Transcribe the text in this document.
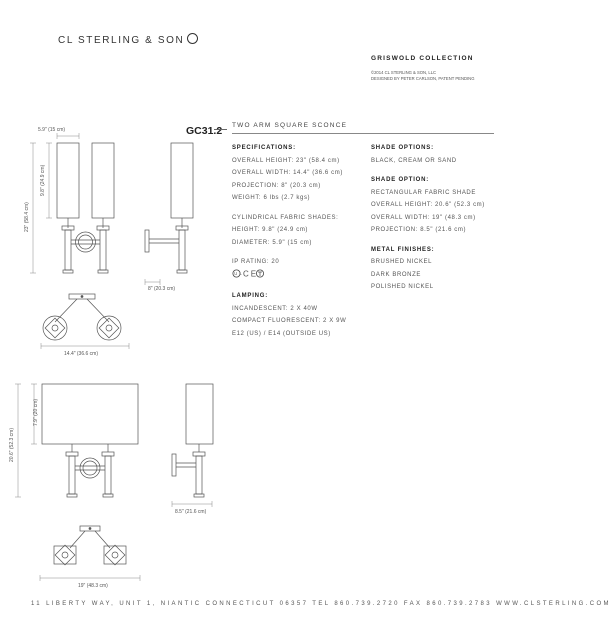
CL STERLING & SON
GRISWOLD COLLECTION
©2014 CL STERLING & SON, LLC
DESIGNED BY PETER CARLSON, PATENT PENDING
GC31.2 TWO ARM SQUARE SCONCE
SPECIFICATIONS:
OVERALL HEIGHT: 23" (58.4 cm)
OVERALL WIDTH: 14.4" (36.6 cm)
PROJECTION: 8" (20.3 cm)
WEIGHT: 6 lbs (2.7 kgs)
CYLINDRICAL FABRIC SHADES:
HEIGHT: 9.8" (24.9 cm)
DIAMETER: 5.9" (15 cm)
IP RATING: 20
UL CE
LAMPING:
INCANDESCENT: 2 X 40W
COMPACT FLUORESCENT: 2 X 9W
E12 (US) / E14 (OUTSIDE US)
SHADE OPTIONS:
BLACK, CREAM OR SAND
SHADE OPTION:
RECTANGULAR FABRIC SHADE
OVERALL HEIGHT: 20.6" (52.3 cm)
OVERALL WIDTH: 19" (48.3 cm)
PROJECTION: 8.5" (21.6 cm)
METAL FINISHES:
BRUSHED NICKEL
DARK BRONZE
POLISHED NICKEL
5.9" (15 cm)
9.8" (24.9 cm)
23" (58.4 cm)
8" (20.3 cm)
14.4" (36.6 cm)
7.9" (20 cm)
20.6" (52.3 cm)
8.5" (21.6 cm)
19" (48.3 cm)
11 LIBERTY WAY, UNIT 1, NIANTIC CONNECTICUT 06357 TEL 860.739.2720 FAX 860.739.2783 WWW.CLSTERLING.COM
